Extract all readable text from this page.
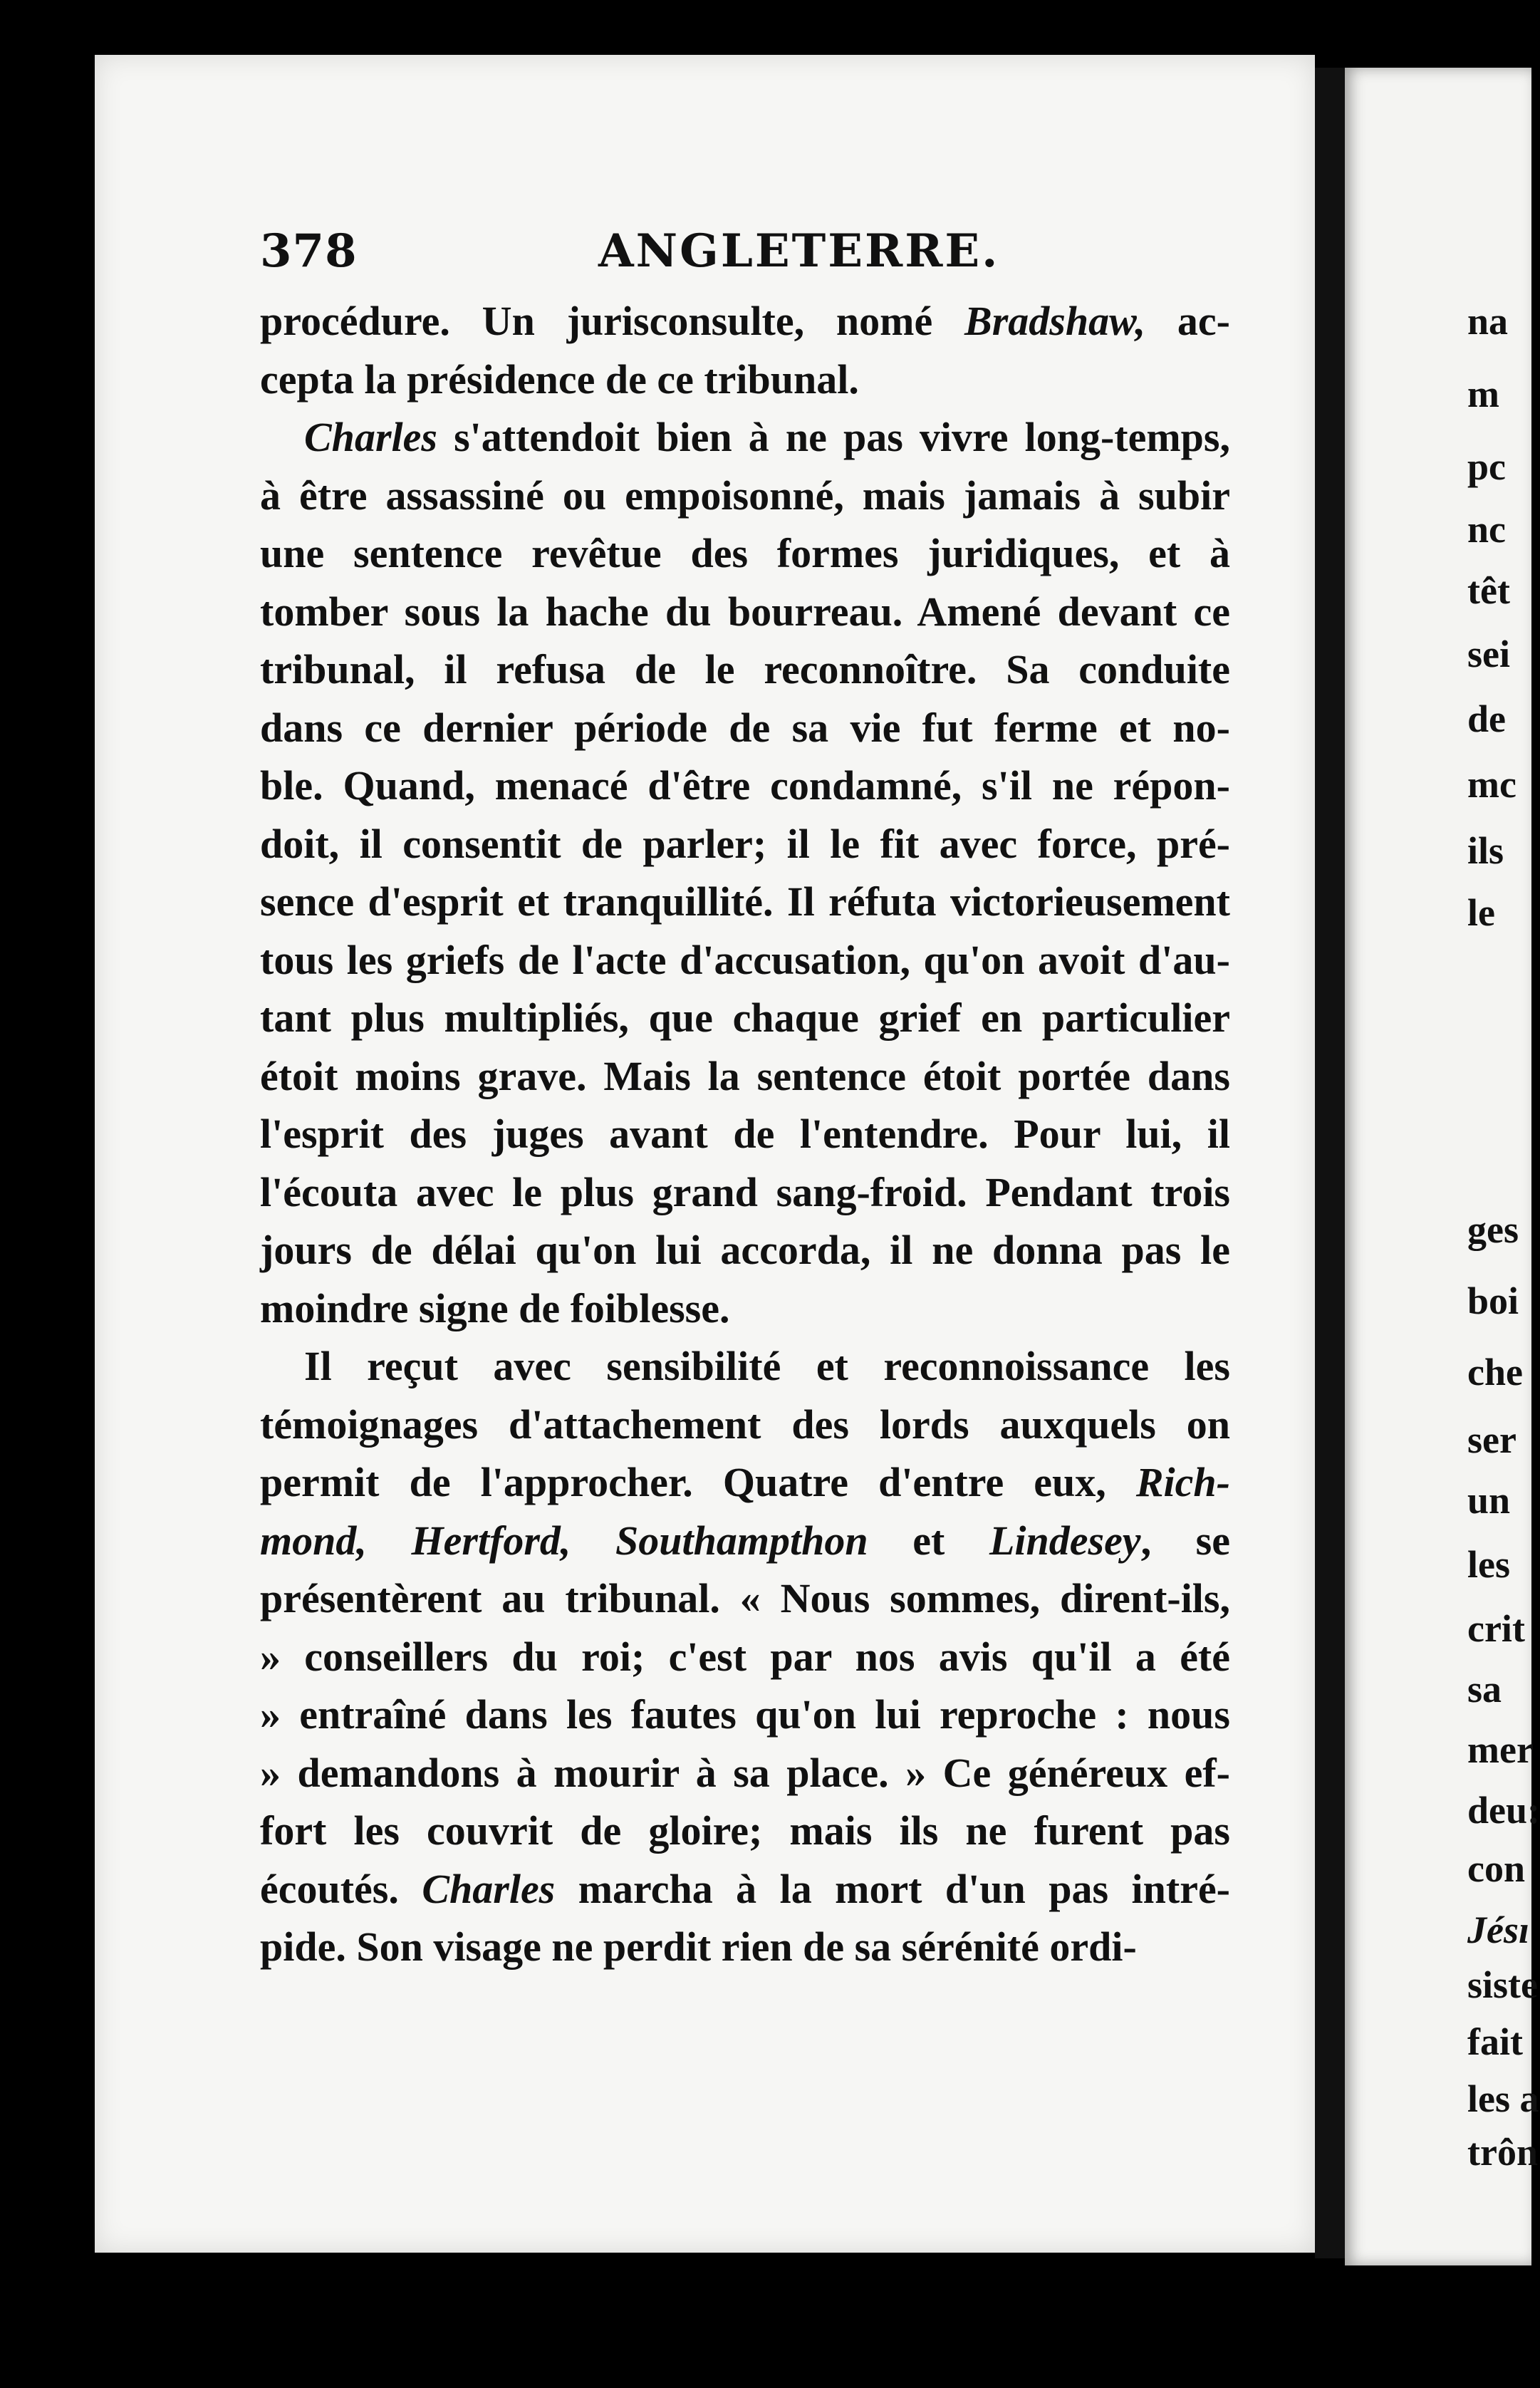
378	ANGLETERRE.
procédure. Un jurisconsulte, nomé Bradshaw, ac-
cepta la présidence de ce tribunal.
Charles s'attendoit bien à ne pas vivre long-temps,
à être assassiné ou empoisonné, mais jamais à subir
une sentence revêtue des formes juridiques, et à
tomber sous la hache du bourreau. Amené devant ce
tribunal, il refusa de le reconnoître. Sa conduite
dans ce dernier période de sa vie fut ferme et no-
ble. Quand, menacé d'être condamné, s'il ne répon-
doit, il consentit de parler; il le fit avec force, pré-
sence d'esprit et tranquillité. Il réfuta victorieusement
tous les griefs de l'acte d'accusation, qu'on avoit d'au-
tant plus multipliés, que chaque grief en particulier
étoit moins grave. Mais la sentence étoit portée dans
l'esprit des juges avant de l'entendre. Pour lui, il
l'écouta avec le plus grand sang-froid. Pendant trois
jours de délai qu'on lui accorda, il ne donna pas le
moindre signe de foiblesse.
Il reçut avec sensibilité et reconnoissance les
témoignages d'attachement des lords auxquels on
permit de l'approcher. Quatre d'entre eux, Rich-
mond, Hertford, Southampthon et Lindesey, se
présentèrent au tribunal. « Nous sommes, dirent-ils,
» conseillers du roi; c'est par nos avis qu'il a été
» entraîné dans les fautes qu'on lui reproche : nous
» demandons à mourir à sa place. » Ce généreux ef-
fort les couvrit de gloire; mais ils ne furent pas
écoutés. Charles marcha à la mort d'un pas intré-
pide. Son visage ne perdit rien de sa sérénité ordi-
na
m
pc
nc
têt
sei
de
mc
ils
le
ges
boi
che
ser
un
les
crit
sa
mer
deu:
con
Jésı
siste
fait
les a
trôn
